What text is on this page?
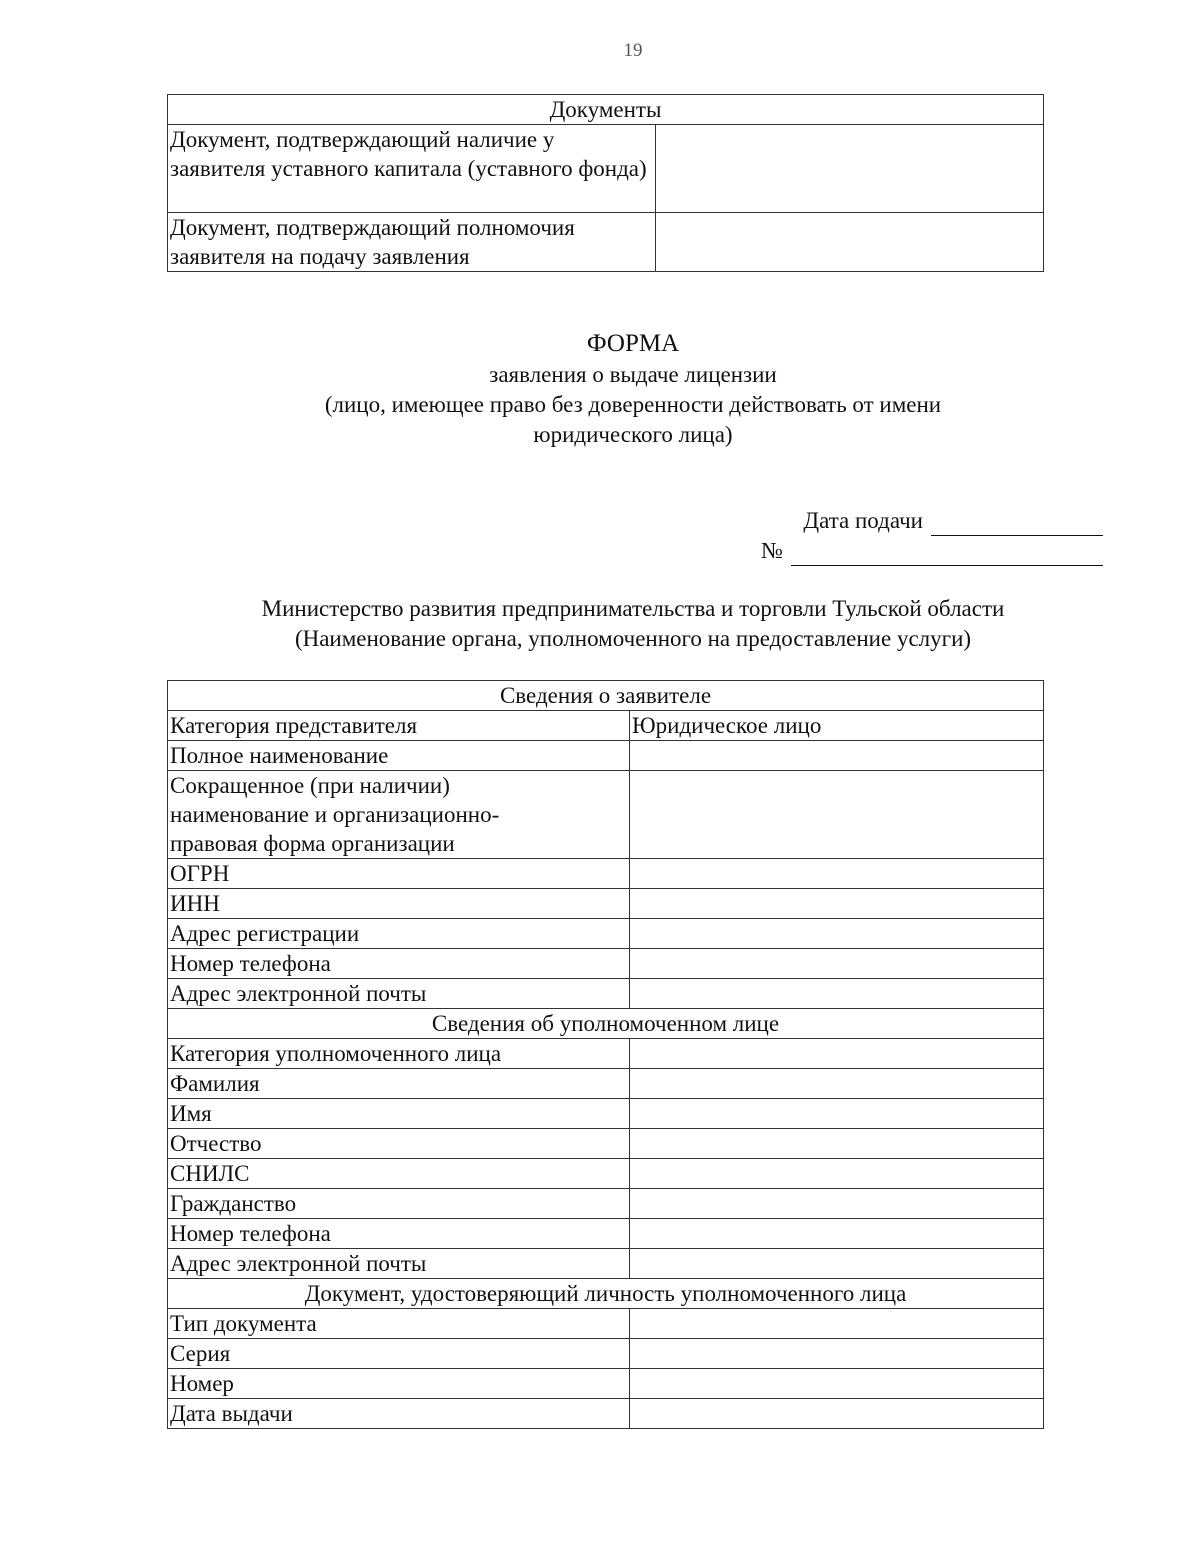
19
Документы	
Документ, подтверждающий наличие у заявителя уставного капитала (уставного фонда)	
Документ, подтверждающий полномочия заявителя на подачу заявления	
ФОРМА
заявления о выдаче лицензии
(лицо, имеющее право без доверенности действовать от имени
юридического лица)
Дата подачи
№
Министерство развития предпринимательства и торговли Тульской области
(Наименование органа, уполномоченного на предоставление услуги)
Сведения о заявителе	
Категория представителя	Юридическое лицо
Полное наименование	

Сокращенное (при наличии)
наименование и организационно-
правовая форма организации	

ОГРН	
ИНН	
Адрес регистрации	
Номер телефона	
Адрес электронной почты	
Сведения об уполномоченном лице	
Категория уполномоченного лица	
Фамилия	
Имя	
Отчество	
СНИЛС	
Гражданство	
Номер телефона	
Адрес электронной почты	
Документ, удостоверяющий личность уполномоченного лица	
Тип документа	
Серия	
Номер	
Дата выдачи	
